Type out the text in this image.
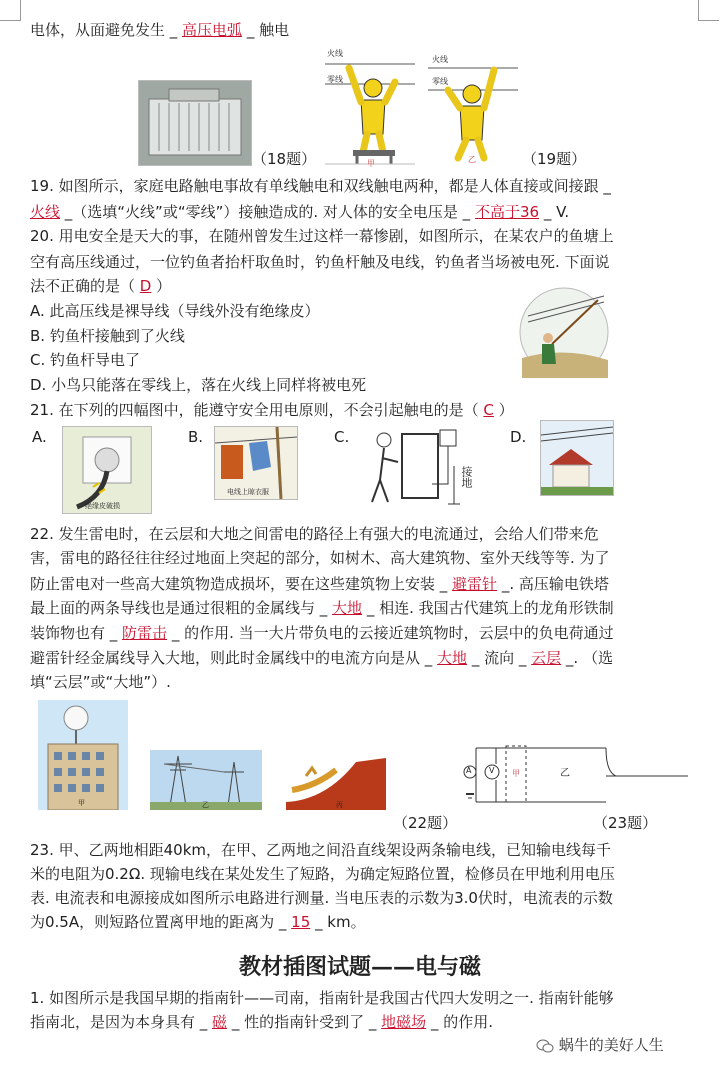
电体，从面避免发生 _ 高压电弧 _ 触电
（18题）
火线
零线
甲
火线
零线
乙	（19题）
19. 如图所示，家庭电路触电事故有单线触电和双线触电两种，都是人体直接或间接跟 _
火线 _（选填“火线”或“零线”）接触造成的. 对人体的安全电压是 _ 不高于36 _ V.
20. 用电安全是天大的事，在随州曾发生过这样一幕惨剧，如图所示，在某农户的鱼塘上
空有高压线通过，一位钓鱼者抬杆取鱼时，钓鱼杆触及电线，钓鱼者当场被电死. 下面说
法不正确的是（ D ）
A. 此高压线是裸导线（导线外没有绝缘皮）
B. 钓鱼杆接触到了火线
C. 钓鱼杆导电了
D. 小鸟只能落在零线上，落在火线上同样将被电死
21. 在下列的四幅图中，能遵守安全用电原则，不会引起触电的是（ C ）
A.
绝缘皮破损
B.
电线上晾衣服
C.
接地
D.
22. 发生雷电时，在云层和大地之间雷电的路径上有强大的电流通过，会给人们带来危
害，雷电的路径往往经过地面上突起的部分，如树木、高大建筑物、室外天线等等. 为了
防止雷电对一些高大建筑物造成损坏，要在这些建筑物上安装 _ 避雷针 _. 高压输电铁塔
最上面的两条导线也是通过很粗的金属线与 _ 大地 _ 相连. 我国古代建筑上的龙角形铁制
装饰物也有 _ 防雷击 _ 的作用. 当一大片带负电的云接近建筑物时，云层中的负电荷通过
避雷针经金属线导入大地，则此时金属线中的电流方向是从 _ 大地 _ 流向 _ 云层 _. （选
填“云层”或“大地”）.
甲	乙	丙
（22题）
A V 甲	乙
（23题）
23. 甲、乙两地相距40km，在甲、乙两地之间沿直线架设两条输电线，已知输电线每千
米的电阻为0.2Ω. 现输电线在某处发生了短路，为确定短路位置，检修员在甲地利用电压
表. 电流表和电源接成如图所示电路进行测量. 当电压表的示数为3.0伏时，电流表的示数
为0.5A，则短路位置离甲地的距离为 _ 15 _ km。
教材插图试题——电与磁
1. 如图所示是我国早期的指南针——司南，指南针是我国古代四大发明之一. 指南针能够
指南北，是因为本身具有 _ 磁 _ 性的指南针受到了 _ 地磁场 _ 的作用.
蜗牛的美好人生
